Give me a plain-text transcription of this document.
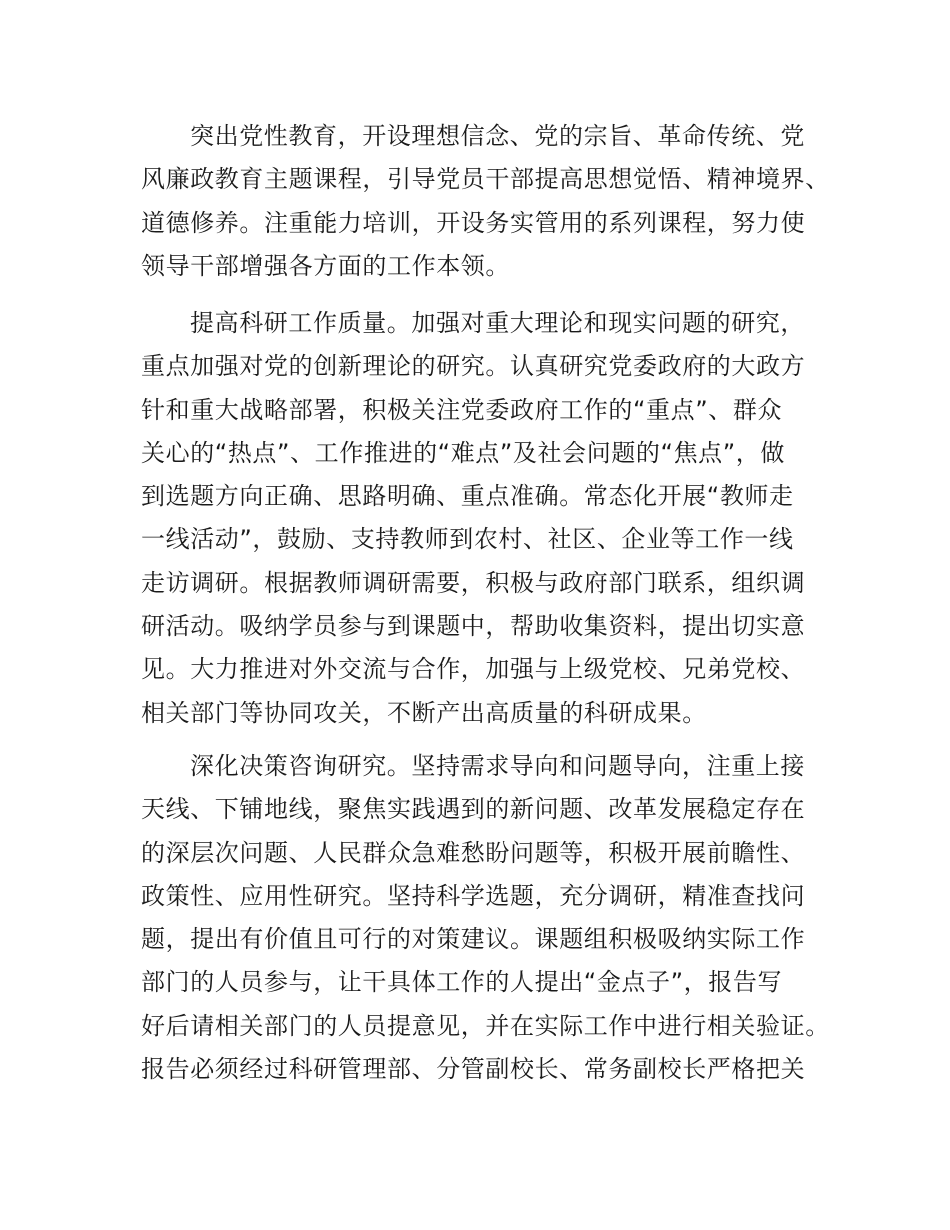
突出党性教育，开设理想信念、党的宗旨、革命传统、党
风廉政教育主题课程，引导党员干部提高思想觉悟、精神境界、
道德修养。注重能力培训，开设务实管用的系列课程，努力使
领导干部增强各方面的工作本领。
提高科研工作质量。加强对重大理论和现实问题的研究，
重点加强对党的创新理论的研究。认真研究党委政府的大政方
针和重大战略部署，积极关注党委政府工作的“重点”、群众
关心的“热点”、工作推进的“难点”及社会问题的“焦点”，做
到选题方向正确、思路明确、重点准确。常态化开展“教师走
一线活动”，鼓励、支持教师到农村、社区、企业等工作一线
走访调研。根据教师调研需要，积极与政府部门联系，组织调
研活动。吸纳学员参与到课题中，帮助收集资料，提出切实意
见。大力推进对外交流与合作，加强与上级党校、兄弟党校、
相关部门等协同攻关，不断产出高质量的科研成果。
深化决策咨询研究。坚持需求导向和问题导向，注重上接
天线、下铺地线，聚焦实践遇到的新问题、改革发展稳定存在
的深层次问题、人民群众急难愁盼问题等，积极开展前瞻性、
政策性、应用性研究。坚持科学选题，充分调研，精准查找问
题，提出有价值且可行的对策建议。课题组积极吸纳实际工作
部门的人员参与，让干具体工作的人提出“金点子”，报告写
好后请相关部门的人员提意见，并在实际工作中进行相关验证。
报告必须经过科研管理部、分管副校长、常务副校长严格把关
